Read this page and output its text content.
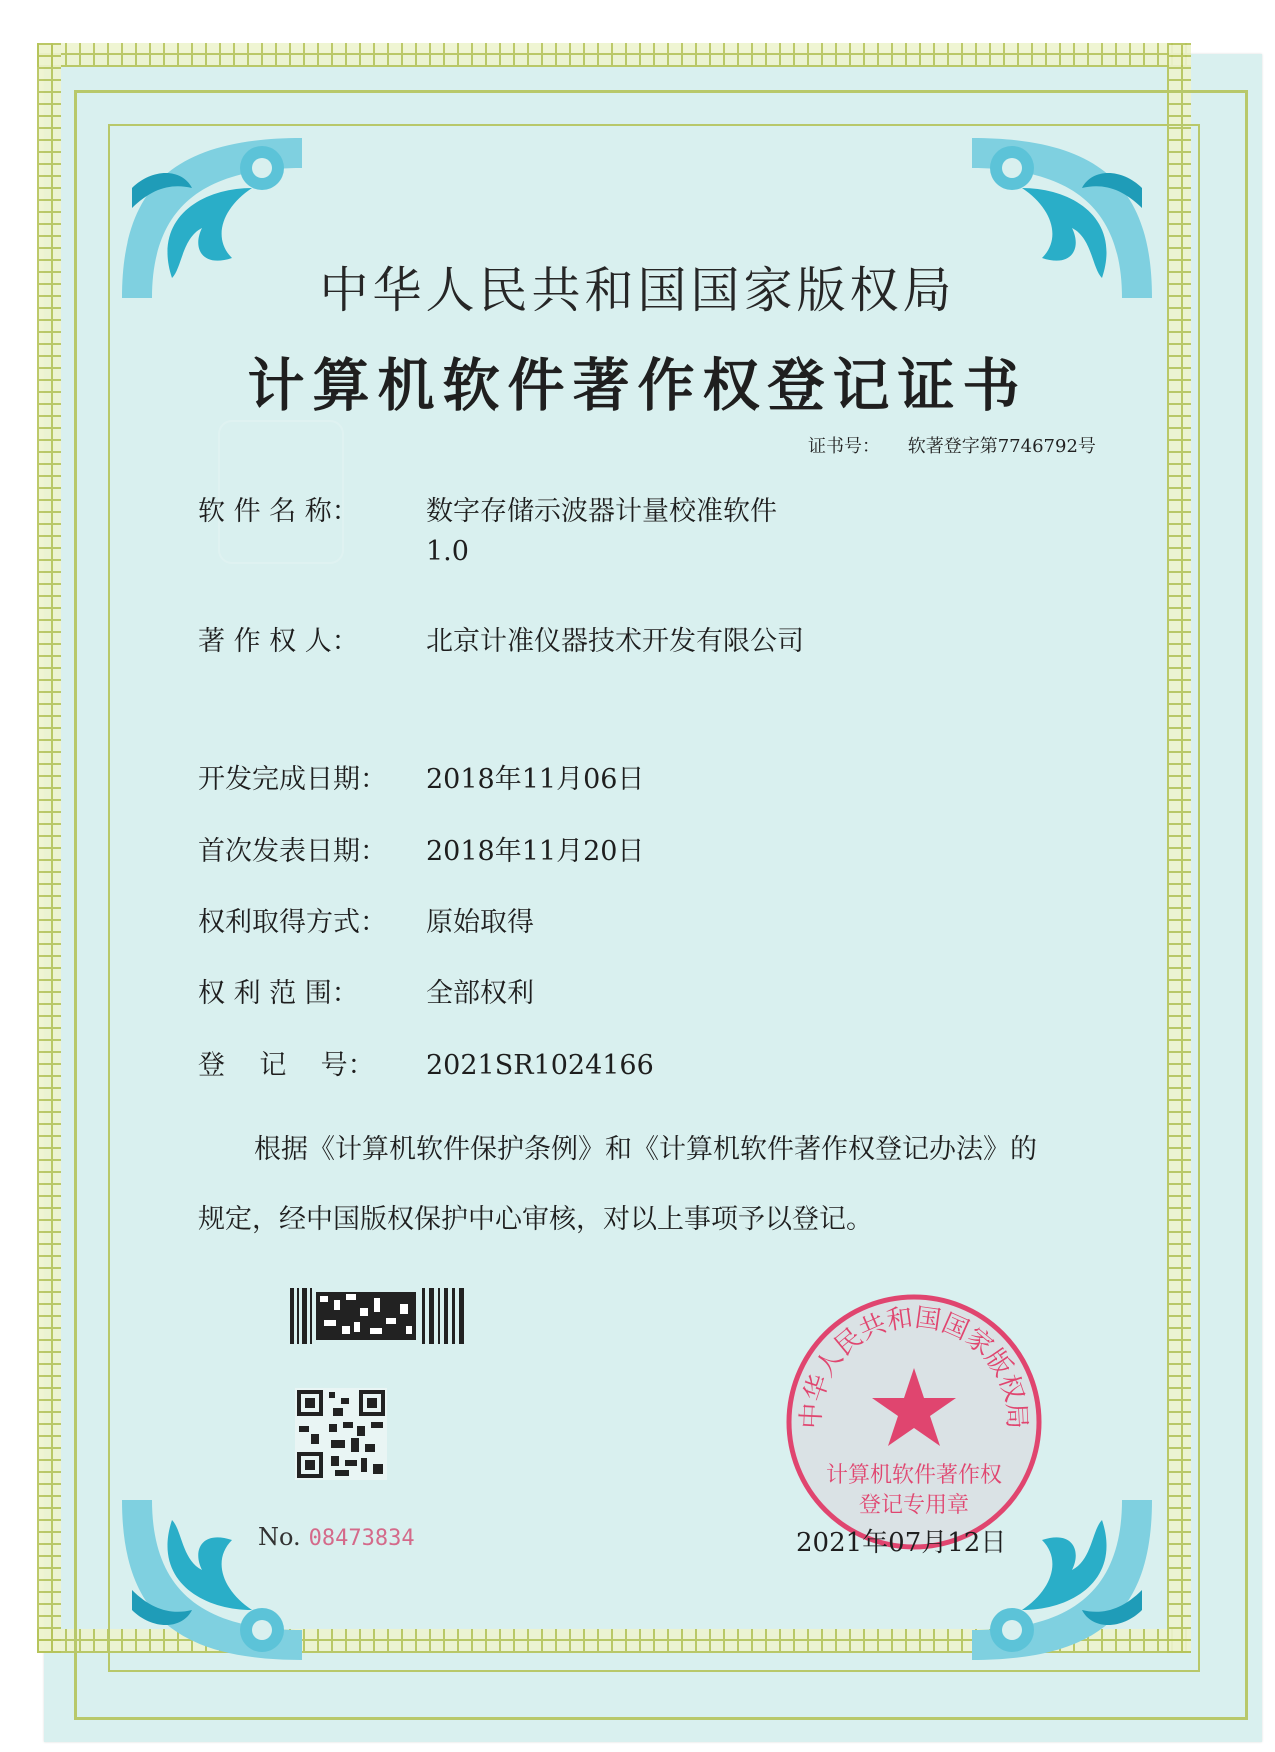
中华人民共和国国家版权局
计算机软件著作权登记证书
证书号： 软著登字第7746792号
软 件 名 称： 数字存储示波器计量校准软件
1.0
著 作 权 人： 北京计准仪器技术开发有限公司
开发完成日期： 2018年11月06日
首次发表日期： 2018年11月20日
权利取得方式： 原始取得
权 利 范 围： 全部权利
登    记    号： 2021SR1024166
根据《计算机软件保护条例》和《计算机软件著作权登记办法》的
规定，经中国版权保护中心审核，对以上事项予以登记。
No. 08473834
中华人民共和国国家版权局
计算机软件著作权
登记专用章
2021年07月12日
